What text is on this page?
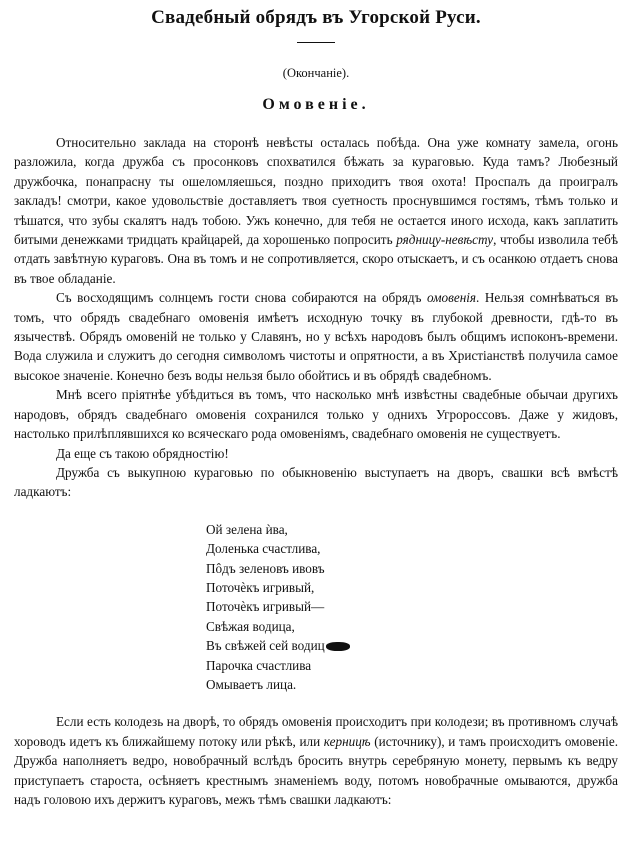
Свадебный обрядъ въ Угорской Руси.
(Окончаніе).
Омовеніе.

Относительно заклада на сторонѣ невѣсты осталась побѣда. Она уже комнату замела, огонь разложила, когда дружба съ просонковъ спохватился бѣжать за кураговью. Куда тамъ? Любезный дружбочка, понапрасну ты ошеломляешься, поздно приходитъ твоя охота! Проспалъ да проигралъ закладъ! смотри, какое удовольствіе доставляетъ твоя суетность проснувшимся гостямъ, тѣмъ только и тѣшатся, что зубы скалятъ надъ тобою. Ужъ конечно, для тебя не остается иного исхода, какъ заплатить битыми денежками тридцать крайцарей, да хорошенько попросить рядницу-невѣсту, чтобы изволила тебѣ отдать завѣтную кураговъ. Она въ томъ и не сопротивляется, скоро отыскаетъ, и съ осанкою отдаетъ снова въ твое обладаніе.

Съ восходящимъ солнцемъ гости снова собираются на обрядъ омовенія. Нельзя сомнѣваться въ томъ, что обрядъ свадебнаго омовенія имѣетъ исходную точку въ глубокой древности, гдѣ-то въ язычествѣ. Обрядъ омовеній не только у Славянъ, но у всѣхъ народовъ былъ общимъ испоконъ-времени. Вода служила и служитъ до сегодня символомъ чистоты и опрятности, а въ Христіанствѣ получила самое высокое значеніе. Конечно безъ воды нельзя было обойтись и въ обрядѣ свадебномъ.

Мнѣ всего пріятнѣе убѣдиться въ томъ, что насколько мнѣ извѣстны свадебные обычаи другихъ народовъ, обрядъ свадебнаго омовенія сохранился только у однихъ Угророссовъ. Даже у жидовъ, настолько прилѣплявшихся ко всяческаго рода омовеніямъ, свадебнаго омовенія не существуетъ.

Да еще съ такою обрядностію!

Дружба съ выкупною кураговью по обыкновенію выступаетъ на дворъ, свашки всѣ вмѣстѣ ладкаютъ:

Ой зелена ѝва,
Доленька счастлива,
Пôдъ зеленовъ ивовъ
Поточѐкъ игривый,
Поточѐкъ игривый—
Свѣжая водица,
Въ свѣжей сей водиц
Парочка счастлива
Омываетъ лица.

Если есть колодезь на дворѣ, то обрядъ омовенія происходитъ при колодези; въ противномъ случаѣ хороводъ идетъ къ ближайшему потоку или рѣкѣ, или керницѣ (источнику), и тамъ происходитъ омовеніе. Дружба наполняетъ ведро, новобрачный вслѣдъ бросить внутрь серебряную монету, первымъ къ ведру приступаетъ староста, осѣняетъ крестнымъ знаменіемъ воду, потомъ новобрачные омываются, дружба надъ головою ихъ держитъ кураговъ, межъ тѣмъ свашки ладкаютъ:
